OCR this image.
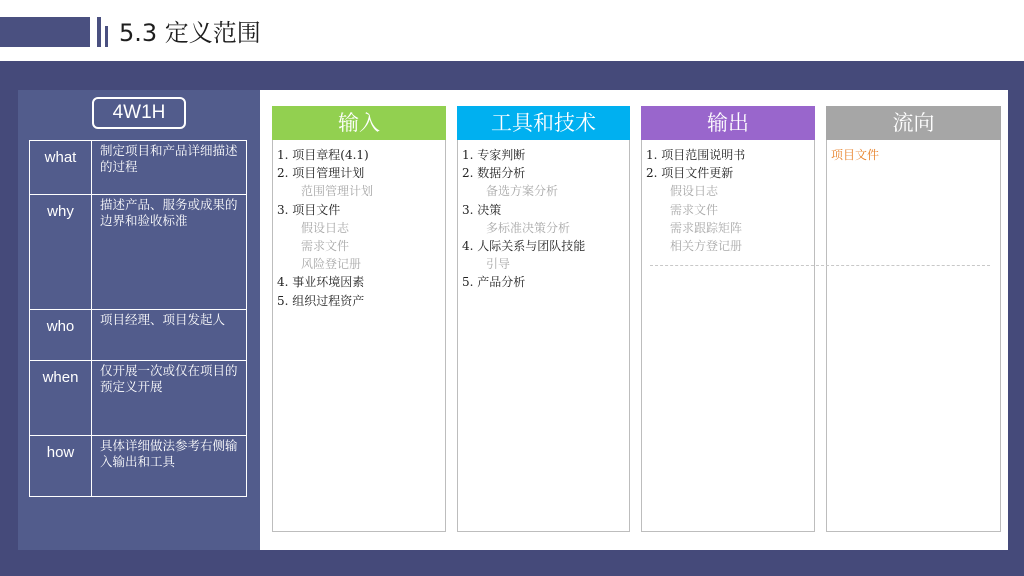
5.3 定义范围
4W1H
what	制定项目和产品详细描述的过程
why	描述产品、服务或成果的边界和验收标准
who	项目经理、项目发起人
when	仅开展一次或仅在项目的预定义开展
how	具体详细做法参考右侧输入输出和工具
输入
1. 项目章程(4.1)
2. 项目管理计划
范围管理计划
3. 项目文件
假设日志
需求文件
风险登记册
4. 事业环境因素
5. 组织过程资产
工具和技术
1. 专家判断
2. 数据分析
备选方案分析
3. 决策
多标准决策分析
4. 人际关系与团队技能
引导
5. 产品分析
输出
1. 项目范围说明书
2. 项目文件更新
假设日志
需求文件
需求跟踪矩阵
相关方登记册
流向
项目文件
